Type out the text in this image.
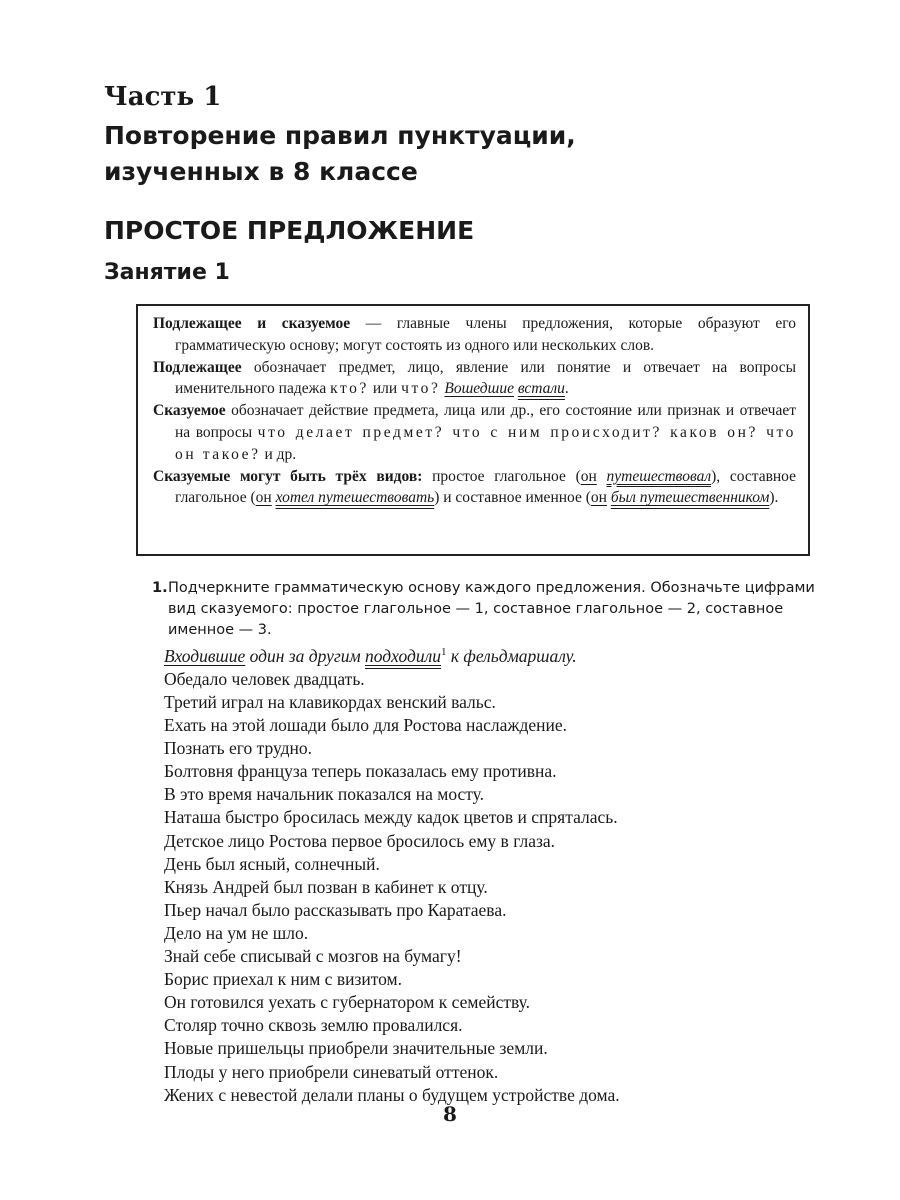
Часть 1
Повторение правил пунктуации,
изученных в 8 классе
ПРОСТОЕ ПРЕДЛОЖЕНИЕ
Занятие 1

Подлежащее и сказуемое — главные члены предложения, которые образуют его грамматическую основу; могут состоять из одного или нескольких слов.

Подлежащее обозначает предмет, лицо, явление или понятие и отвечает на вопросы именительного падежа кто? или что? Вошедшие встали.

Сказуемое обозначает действие предмета, лица или др., его состояние или признак и отвечает на вопросы что делает предмет? что с ним происходит? каков он? что он такое? и др.

Сказуемые могут быть трёх видов: простое глагольное (он путешествовал), составное глагольное (он хотел путешествовать) и составное именное (он был путешественником).

1. Подчеркните грамматическую основу каждого предложения. Обозначьте цифрами вид сказуемого: простое глагольное — 1, составное глагольное — 2, составное именное — 3.
Входившие один за другим подходили$^1$ к фельдмаршалу.
Обедало человек двадцать.
Третий играл на клавикордах венский вальс.
Ехать на этой лошади было для Ростова наслаждение.
Познать его трудно.
Болтовня француза теперь показалась ему противна.
В это время начальник показался на мосту.
Наташа быстро бросилась между кадок цветов и спряталась.
Детское лицо Ростова первое бросилось ему в глаза.
День был ясный, солнечный.
Князь Андрей был позван в кабинет к отцу.
Пьер начал было рассказывать про Каратаева.
Дело на ум не шло.
Знай себе списывай с мозгов на бумагу!
Борис приехал к ним с визитом.
Он готовился уехать с губернатором к семейству.
Столяр точно сквозь землю провалился.
Новые пришельцы приобрели значительные земли.
Плоды у него приобрели синеватый оттенок.
Жених с невестой делали планы о будущем устройстве дома.
8
